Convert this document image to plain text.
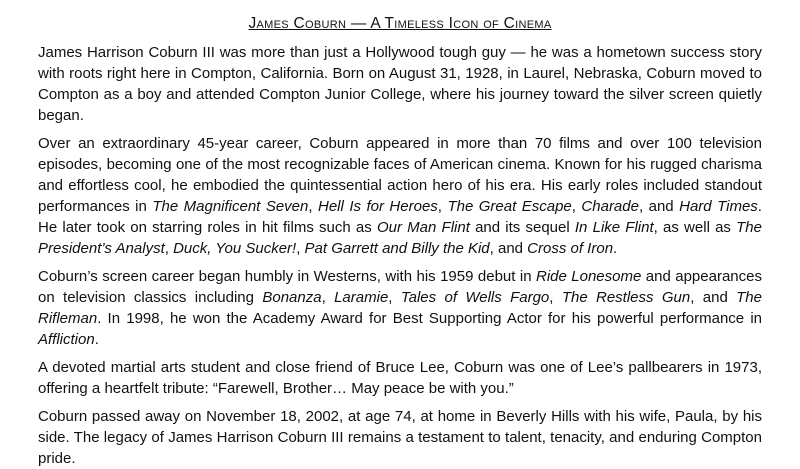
James Coburn — A Timeless Icon of Cinema

James Harrison Coburn III was more than just a Hollywood tough guy — he was a hometown success story with roots right here in Compton, California. Born on August 31, 1928, in Laurel, Nebraska, Coburn moved to Compton as a boy and attended Compton Junior College, where his journey toward the silver screen quietly began.

Over an extraordinary 45-year career, Coburn appeared in more than 70 films and over 100 television episodes, becoming one of the most recognizable faces of American cinema. Known for his rugged charisma and effortless cool, he embodied the quintessential action hero of his era. His early roles included standout performances in The Magnificent Seven, Hell Is for Heroes, The Great Escape, Charade, and Hard Times. He later took on starring roles in hit films such as Our Man Flint and its sequel In Like Flint, as well as The President’s Analyst, Duck, You Sucker!, Pat Garrett and Billy the Kid, and Cross of Iron.

Coburn’s screen career began humbly in Westerns, with his 1959 debut in Ride Lonesome and appearances on television classics including Bonanza, Laramie, Tales of Wells Fargo, The Restless Gun, and The Rifleman. In 1998, he won the Academy Award for Best Supporting Actor for his powerful performance in Affliction.

A devoted martial arts student and close friend of Bruce Lee, Coburn was one of Lee’s pallbearers in 1973, offering a heartfelt tribute: “Farewell, Brother… May peace be with you.”

Coburn passed away on November 18, 2002, at age 74, at home in Beverly Hills with his wife, Paula, by his side. The legacy of James Harrison Coburn III remains a testament to talent, tenacity, and enduring Compton pride.
